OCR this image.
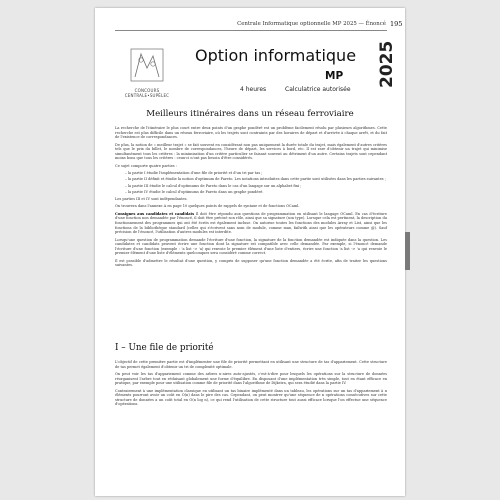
Centrale Informatique optionnelle MP 2025 — Énoncé 195
CONCOURS CENTRALE•SUPÉLEC
Option informatique
MP 2025
4 heures	Calculatrice autorisée
Meilleurs itinéraires dans un réseau ferroviaire

La recherche de l'itinéraire le plus court entre deux points d'un graphe pondéré est un problème facilement résolu par plusieurs algorithmes. Cette recherche est plus difficile dans un réseau ferroviaire, où les trajets sont contraints par des horaires de départ et d'arrivée à chaque arrêt, et du fait de l'existence de correspondances.

De plus, la notion de « meilleur trajet » se fait souvent en considérant non pas uniquement la durée totale du trajet, mais également d'autres critères tels que le prix du billet, le nombre de correspondances, l'heure de départ, les services à bord, etc. Il est rare d'obtenir un trajet qui minimise simultanément tous les critères : la minimisation d'un critère particulier se faisant souvent au détriment d'un autre. Certains trajets sont cependant moins bons que tous les critères : ceux-ci n'ont pas besoin d'être considérés.

Ce sujet comporte quatre parties :

– la partie I étudie l'implémentation d'une file de priorité et d'un tri par tas ;
– la partie II définit et étudie la notion d'optimum de Pareto. Les notations introduites dans cette partie sont utilisées dans les parties suivantes ;
– la partie III étudie le calcul d'optimums de Pareto dans le cas d'un langage sur un alphabet fini ;
– la partie IV étudie le calcul d'optimums de Pareto dans un graphe pondéré.

Les parties III et IV sont indépendantes.

On trouvera dans l'annexe A en page 10 quelques points de rappels de syntaxe et de fonctions OCaml.

Consignes aux candidates et candidats Il doit être répondu aux questions de programmation en utilisant le langage OCaml. En cas d'écriture d'une fonction non demandée par l'énoncé, il doit être précisé son rôle, ainsi que sa signature (son type). Lorsque cela est pertinent, la description du fonctionnement des programmes qui ont été écrits est également incluse. On autorise toutes les fonctions des modules Array et List, ainsi que les fonctions de la bibliothèque standard (celles qui s'écrivent sans nom de module, comme max, failwith ainsi que les opérateurs comme @). Sauf précision de l'énoncé, l'utilisation d'autres modules est interdite.

Lorsqu'une question de programmation demande l'écriture d'une fonction, la signature de la fonction demandée est indiquée dans la question. Les candidates et candidats peuvent écrire une fonction dont la signature est compatible avec celle demandée. Par exemple, si l'énoncé demande l'écriture d'une fonction (exemple : 'a list -> 'a) qui renvoie le premier élément d'une liste d'entiers, écrire une fonction 'a list -> 'a qui renvoie le premier élément d'une liste d'éléments quelconques sera considéré comme correct.

Il est possible d'admettre le résultat d'une question, y compris de supposer qu'une fonction demandée a été écrite, afin de traiter les questions suivantes.

I – Une file de priorité

L'objectif de cette première partie est d'implémenter une file de priorité permettant en utilisant une structure de tas d'appariement. Cette structure de tas permet également d'obtenir un tri de complexité optimale.

On peut voir les tas d'appariement comme des arbres n-aires auto-ajustés, c'est-à-dire pour lesquels les opérations sur la structure de données réorganisent l'arbre tout en réduisant globalement une forme d'équilibre. En disposant d'une implémentation très simple, tout en étant efficace en pratique, par exemple pour une utilisation comme file de priorité dans l'algorithme de Dijkstra, qui sera étudié dans la partie IV.

Contrairement à une implémentation classique en utilisant un tas binaire implémenté dans un tableau, les opérations sur un tas d'appariement à n éléments pourront avoir un coût en O(n) dans le pire des cas. Cependant, on peut montrer qu'une séquence de n opérations consécutives sur cette structure de données a un coût total en O(n log n), ce qui rend l'utilisation de cette structure tout aussi efficace lorsque l'on effectue une séquence d'opérations.
